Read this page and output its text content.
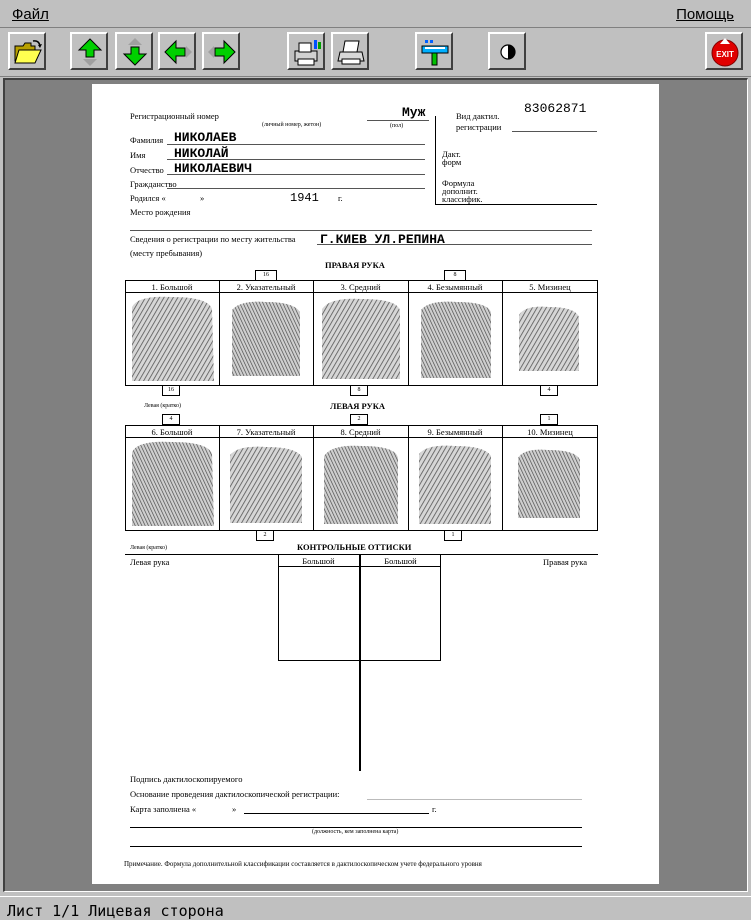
Файл	Помощь
EXIT
Регистрационный номер
(личный номер, жетон)
Муж
(пол)
Вид дактил.
регистрации
83062871
Дакт.
форм
Формула
дополнит.
классифик.
Фамилия НИКОЛАЕВ
Имя НИКОЛАЙ
Отчество НИКОЛАЕВИЧ
Гражданство
Родился «	»	1941 г.
Место рождения
Сведения о регистрации по месту жительства Г.КИЕВ УЛ.РЕПИНА
(месту пребывания)
ПРАВАЯ РУКА
16	8
1. Большой	2. Указательный	3. Средний	4. Безымянный	5. Мизинец
16	8	4
Левая (кратко)	ЛЕВАЯ РУКА
4	2	1
6. Большой	7. Указательный	8. Средний	9. Безымянный	10. Мизинец
2	1
Левая (кратко)	КОНТРОЛЬНЫЕ ОТТИСКИ
Левая рука	Правая рука
Большой	Большой
Подпись дактилоскопируемого
Основание проведения дактилоскопической регистрации:
Карта заполнена «	»	г.
(должность, кем заполнена карта)
Примечание. Формула дополнительной классификации составляется в дактилоскопическом учете федерального уровня
Лист 1/1 Лицевая сторона
